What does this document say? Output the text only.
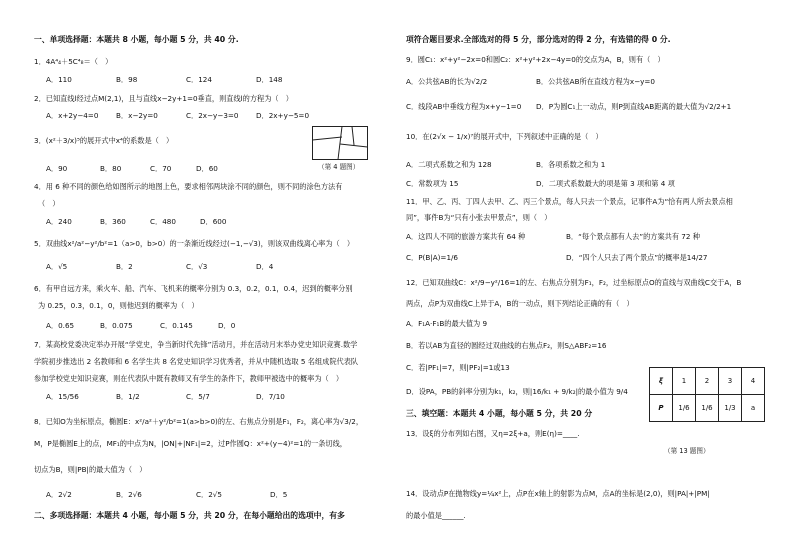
一、单项选择题：本题共 8 小题，每小题 5 分，共 40 分.
1．4A⁴₄＋5C⁴₈＝（　）
A．110	B．98	C．124	D．148
2．已知直线l经过点M(2,1)，且与直线x−2y+1=0垂直，则直线l的方程为（　）
A．x+2y−4=0 B．x−2y=0	C．2x−y−3=0 D．2x+y−5=0
3．(x²＋3/x)⁵的展开式中x⁴的系数是（　）
A．90	B．80	C．70	D．60	（第 4 题图）
4．用 6 种不同的颜色给如图所示的地图上色，要求相邻两块涂不同的颜色，则不同的涂色方法有
（　）
A．240	B．360	C．480	D．600
5．双曲线x²/a²−y²/b²=1（a>0，b>0）的一条渐近线经过(−1,−√3)，则该双曲线离心率为（　）
A．√5	B．2	C．√3	D．4
6．有甲自远方来，乘火车、船、汽车、飞机来的概率分别为 0.3，0.2，0.1，0.4，迟到的概率分别
为 0.25，0.3，0.1，0，则他迟到的概率为（　）
A．0.65	B．0.075	C．0.145	D．0
7．某高校党委决定举办开展“学党史，争当新时代先锋”活动月，并在活动月末举办党史知识竞赛.数学
学院初步推选出 2 名教师和 6 名学生共 8 名党史知识学习优秀者，并从中随机选取 5 名组成院代表队
参加学校党史知识竞赛，则在代表队中既有教师又有学生的条件下，教师甲被选中的概率为（　）
A．15/56	B．1/2	C．5/7	D．7/10
8．已知O为坐标原点，椭圆E：x²/a²＋y²/b²=1(a>b>0)的左、右焦点分别是F₁，F₂，离心率为√3/2，
M，P是椭圆E上的点，MF₁的中点为N，|ON|+|NF₁|=2，过P作圆Q：x²+(y−4)²=1的一条切线，
切点为B，则|PB|的最大值为（　）
A．2√2	B．2√6	C．2√5	D．5
二、多项选择题：本题共 4 小题，每小题 5 分，共 20 分，在每小题给出的选项中，有多
项符合题目要求.全部选对的得 5 分，部分选对的得 2 分，有选错的得 0 分.
9．圆C₁：x²+y²−2x=0和圆C₂：x²+y²+2x−4y=0的交点为A，B，则有（　）
A．公共弦AB的长为√2/2	B．公共弦AB所在直线方程为x−y=0
C．线段AB中垂线方程为x+y−1=0 D．P为圆C₁上一动点，则P到直线AB距离的最大值为√2/2+1
10．在(2√x − 1/x)⁷的展开式中，下列叙述中正确的是（　）
A．二项式系数之和为 128	B．各项系数之和为 1
C．常数项为 15	D．二项式系数最大的项是第 3 项和第 4 项
11．甲、乙、丙、丁四人去甲、乙、丙三个景点，每人只去一个景点，记事件A为“恰有两人所去景点相
同”，事件B为“只有小张去甲景点”，则（　）
A．这四人不同的旅游方案共有 64 种	B．“每个景点都有人去”的方案共有 72 种
C．P(B|A)=1/6	D．“四个人只去了两个景点”的概率是14/27
12．已知双曲线C：x²/9−y²/16=1的左、右焦点分别为F₁，F₂，过坐标原点O的直线与双曲线C交于A，B
两点，点P为双曲线C上异于A，B的一动点，则下列结论正确的有（　）
A．F₁A·F₁B的最大值为 9
B．若以AB为直径的圆经过双曲线的右焦点F₂，则S△ABF₂=16
C．若|PF₁|=7，则|PF₂|=1或13
D．设PA，PB的斜率分别为k₁，k₂，则|16/k₁ + 9/k₂|的最小值为 9/4
三、填空题：本题共 4 小题，每小题 5 分，共 20 分
13．设ξ的分布列如右图，又η=2ξ+a，则E(η)=____.
ξ	1	2	3	4
P	1/6	1/6	1/3	a
（第 13 题图）
14．设动点P在抛物线y=¼x²上，点P在x轴上的射影为点M，点A的坐标是(2,0)，则|PA|+|PM|
的最小值是______.
